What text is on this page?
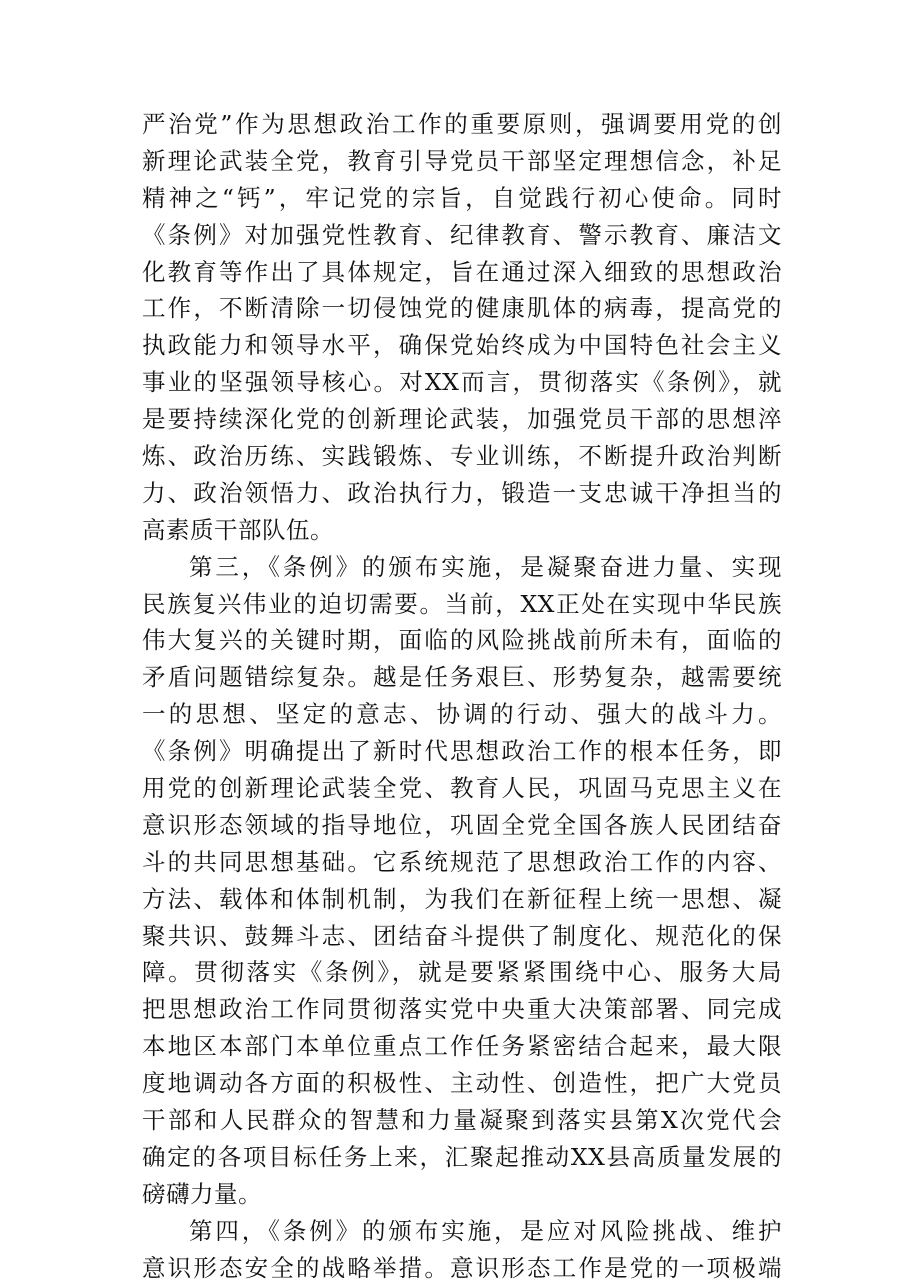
严治党”作为思想政治工作的重要原则，强调要用党的创
新理论武装全党，教育引导党员干部坚定理想信念，补足
精神之“钙”，牢记党的宗旨，自觉践行初心使命。同时
《条例》对加强党性教育、纪律教育、警示教育、廉洁文
化教育等作出了具体规定，旨在通过深入细致的思想政治
工作，不断清除一切侵蚀党的健康肌体的病毒，提高党的
执政能力和领导水平，确保党始终成为中国特色社会主义
事业的坚强领导核心。对XX而言，贯彻落实《条例》，就
是要持续深化党的创新理论武装，加强党员干部的思想淬
炼、政治历练、实践锻炼、专业训练，不断提升政治判断
力、政治领悟力、政治执行力，锻造一支忠诚干净担当的
高素质干部队伍。
第三，《条例》的颁布实施，是凝聚奋进力量、实现
民族复兴伟业的迫切需要。当前，XX正处在实现中华民族
伟大复兴的关键时期，面临的风险挑战前所未有，面临的
矛盾问题错综复杂。越是任务艰巨、形势复杂，越需要统
一的思想、坚定的意志、协调的行动、强大的战斗力。
《条例》明确提出了新时代思想政治工作的根本任务，即
用党的创新理论武装全党、教育人民，巩固马克思主义在
意识形态领域的指导地位，巩固全党全国各族人民团结奋
斗的共同思想基础。它系统规范了思想政治工作的内容、
方法、载体和体制机制，为我们在新征程上统一思想、凝
聚共识、鼓舞斗志、团结奋斗提供了制度化、规范化的保
障。贯彻落实《条例》，就是要紧紧围绕中心、服务大局
把思想政治工作同贯彻落实党中央重大决策部署、同完成
本地区本部门本单位重点工作任务紧密结合起来，最大限
度地调动各方面的积极性、主动性、创造性，把广大党员
干部和人民群众的智慧和力量凝聚到落实县第X次党代会
确定的各项目标任务上来，汇聚起推动XX县高质量发展的
磅礴力量。
第四，《条例》的颁布实施，是应对风险挑战、维护
意识形态安全的战略举措。意识形态工作是党的一项极端
